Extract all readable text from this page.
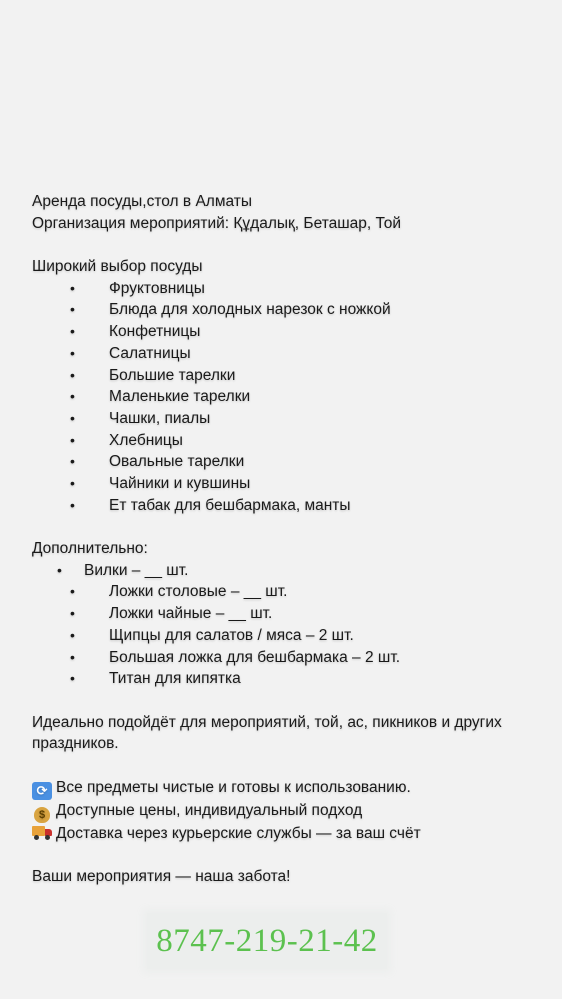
Аренда посуды,стол в Алматы
Организация мероприятий: Құдалық, Беташар, Той
Широкий выбор посуды
• Фруктовницы
• Блюда для холодных нарезок с ножкой
• Конфетницы
• Салатницы
• Большие тарелки
• Маленькие тарелки
• Чашки, пиалы
• Хлебницы
• Овальные тарелки
• Чайники и кувшины
• Ет табак для бешбармака, манты
Дополнительно:
• Вилки – __ шт.
• Ложки столовые – __ шт.
• Ложки чайные – __ шт.
• Щипцы для салатов / мяса – 2 шт.
• Большая ложка для бешбармака – 2 шт.
• Титан для кипятка
Идеально подойдёт для мероприятий, той, ас, пикников и других праздников.
⟳ Все предметы чистые и готовы к использованию.
$ Доступные цены, индивидуальный подход
Доставка через курьерские службы — за ваш счёт
Ваши мероприятия — наша забота!
8747-219-21-42
